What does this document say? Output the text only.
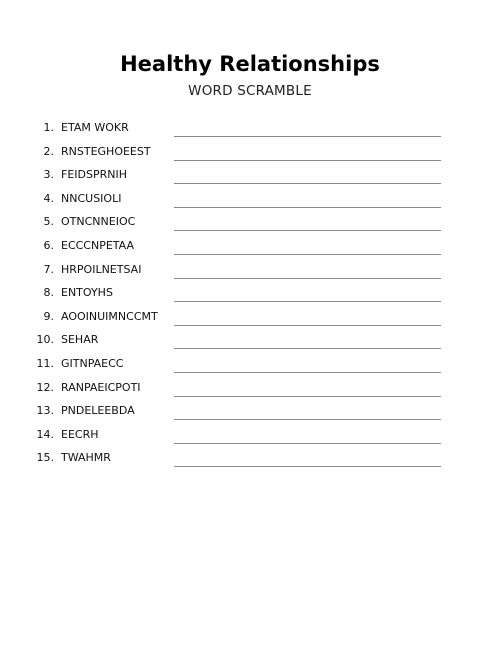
Healthy Relationships
WORD SCRAMBLE
1. ETAM WOKR
2. RNSTEGHOEEST
3. FEIDSPRNIH
4. NNCUSIOLI
5. OTNCNNEIOC
6. ECCCNPETAA
7. HRPOILNETSAI
8. ENTOYHS
9. AOOINUIMNCCMT
10. SEHAR
11. GITNPAECC
12. RANPAEICPOTI
13. PNDELEEBDA
14. EECRH
15. TWAHMR
